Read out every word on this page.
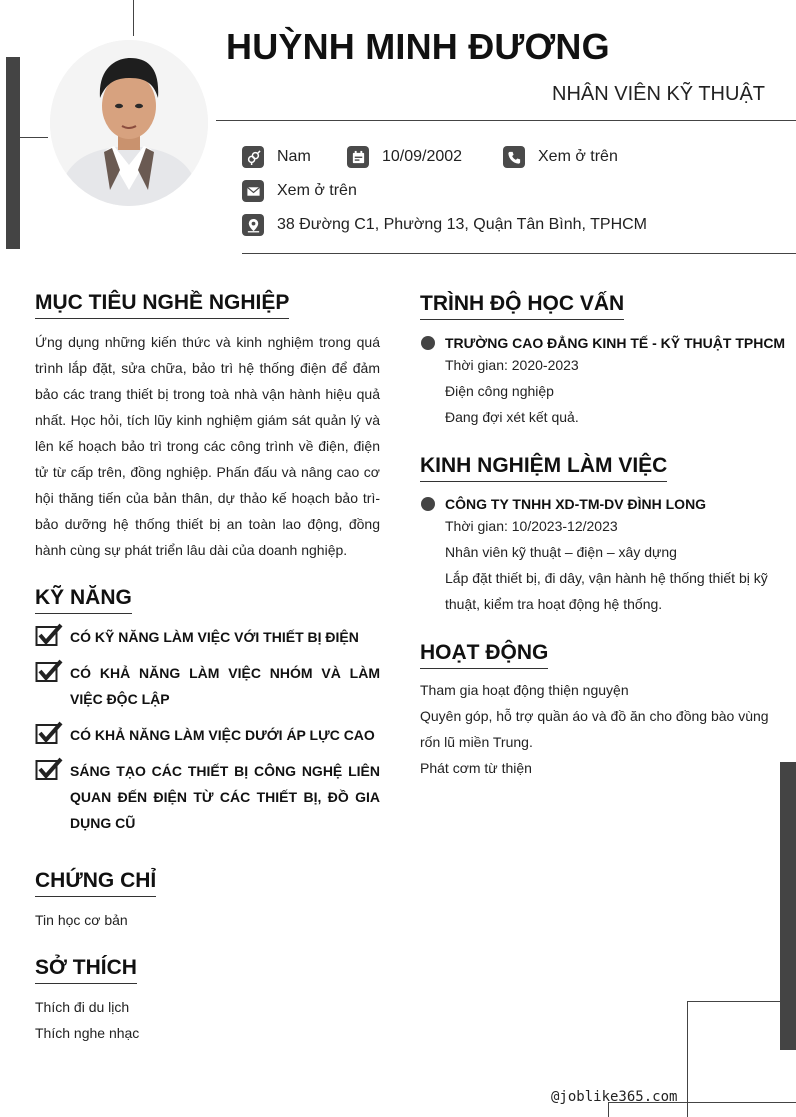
HUỲNH MINH ĐƯƠNG
NHÂN VIÊN KỸ THUẬT
Nam	10/09/2002	Xem ở trên
Xem ở trên
38 Đường C1, Phường 13, Quận Tân Bình, TPHCM
MỤC TIÊU NGHỀ NGHIỆP

Ứng dụng những kiến thức và kinh nghiệm trong quá trình lắp đặt, sửa chữa, bảo trì hệ thống điện để đảm bảo các trang thiết bị trong toà nhà vận hành hiệu quả nhất. Học hỏi, tích lũy kinh nghiệm giám sát quản lý và lên kế hoạch bảo trì trong các công trình về điện, điện tử từ cấp trên, đồng nghiệp. Phấn đấu và nâng cao cơ hội thăng tiến của bản thân, dự thảo kế hoạch bảo trì-bảo dưỡng hệ thống thiết bị an toàn lao động, đồng hành cùng sự phát triển lâu dài của doanh nghiệp.

KỸ NĂNG
CÓ KỸ NĂNG LÀM VIỆC VỚI THIẾT BỊ ĐIỆN
CÓ KHẢ NĂNG LÀM VIỆC NHÓM VÀ LÀM VIỆC ĐỘC LẬP
CÓ KHẢ NĂNG LÀM VIỆC DƯỚI ÁP LỰC CAO
SÁNG TẠO CÁC THIẾT BỊ CÔNG NGHỆ LIÊN QUAN ĐẾN ĐIỆN TỪ CÁC THIẾT BỊ, ĐỒ GIA DỤNG CŨ
CHỨNG CHỈ

Tin học cơ bản

SỞ THÍCH

Thích đi du lịch

Thích nghe nhạc

TRÌNH ĐỘ HỌC VẤN
TRƯỜNG CAO ĐẲNG KINH TẾ - KỸ THUẬT TPHCM

Thời gian: 2020-2023

Điện công nghiệp

Đang đợi xét kết quả.

KINH NGHIỆM LÀM VIỆC
CÔNG TY TNHH XD-TM-DV ĐÌNH LONG

Thời gian: 10/2023-12/2023

Nhân viên kỹ thuật – điện – xây dựng

Lắp đặt thiết bị, đi dây, vận hành hệ thống thiết bị kỹ thuật, kiểm tra hoạt động hệ thống.

HOẠT ĐỘNG

Tham gia hoạt động thiện nguyện

Quyên góp, hỗ trợ quần áo và đồ ăn cho đồng bào vùng rốn lũ miền Trung.

Phát cơm từ thiện

@joblike365.com
